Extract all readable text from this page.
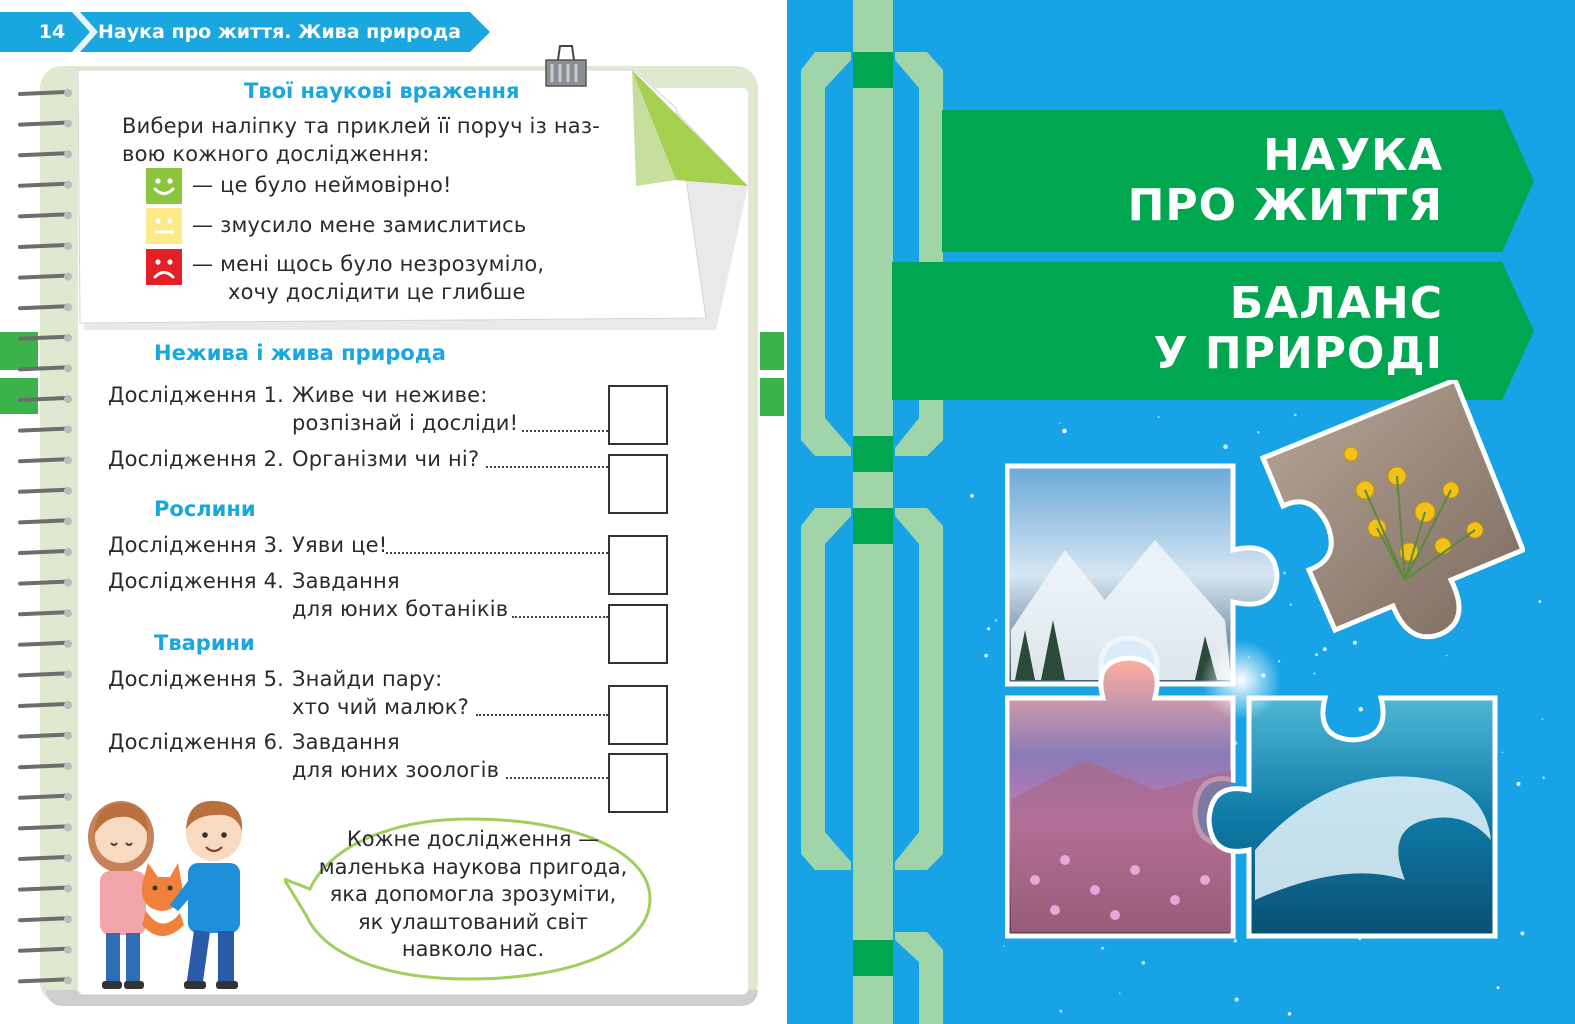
14	Наука про життя. Жива природа
Твої наукові враження
Вибери наліпку та приклей її поруч із наз-
вою кожного дослідження:
— це було неймовірно!
— змусило мене замислитись
— мені щось було незрозуміло,
хочу дослідити це глибше
Нежива і жива природа
Дослідження 1. Живе чи неживе:
розпізнай і досліди!
Дослідження 2. Організми чи ні?
Рослини
Дослідження 3. Уяви це!
Дослідження 4. Завдання
для юних ботаніків
Тварини
Дослідження 5. Знайди пару:
хто чий малюк?
Дослідження 6. Завдання
для юних зоологів
Кожне дослідження —
маленька наукова пригода,
яка допомогла зрозуміти,
як улаштований світ
навколо нас.
НАУКА
ПРО ЖИТТЯ
БАЛАНС
У ПРИРОДІ
